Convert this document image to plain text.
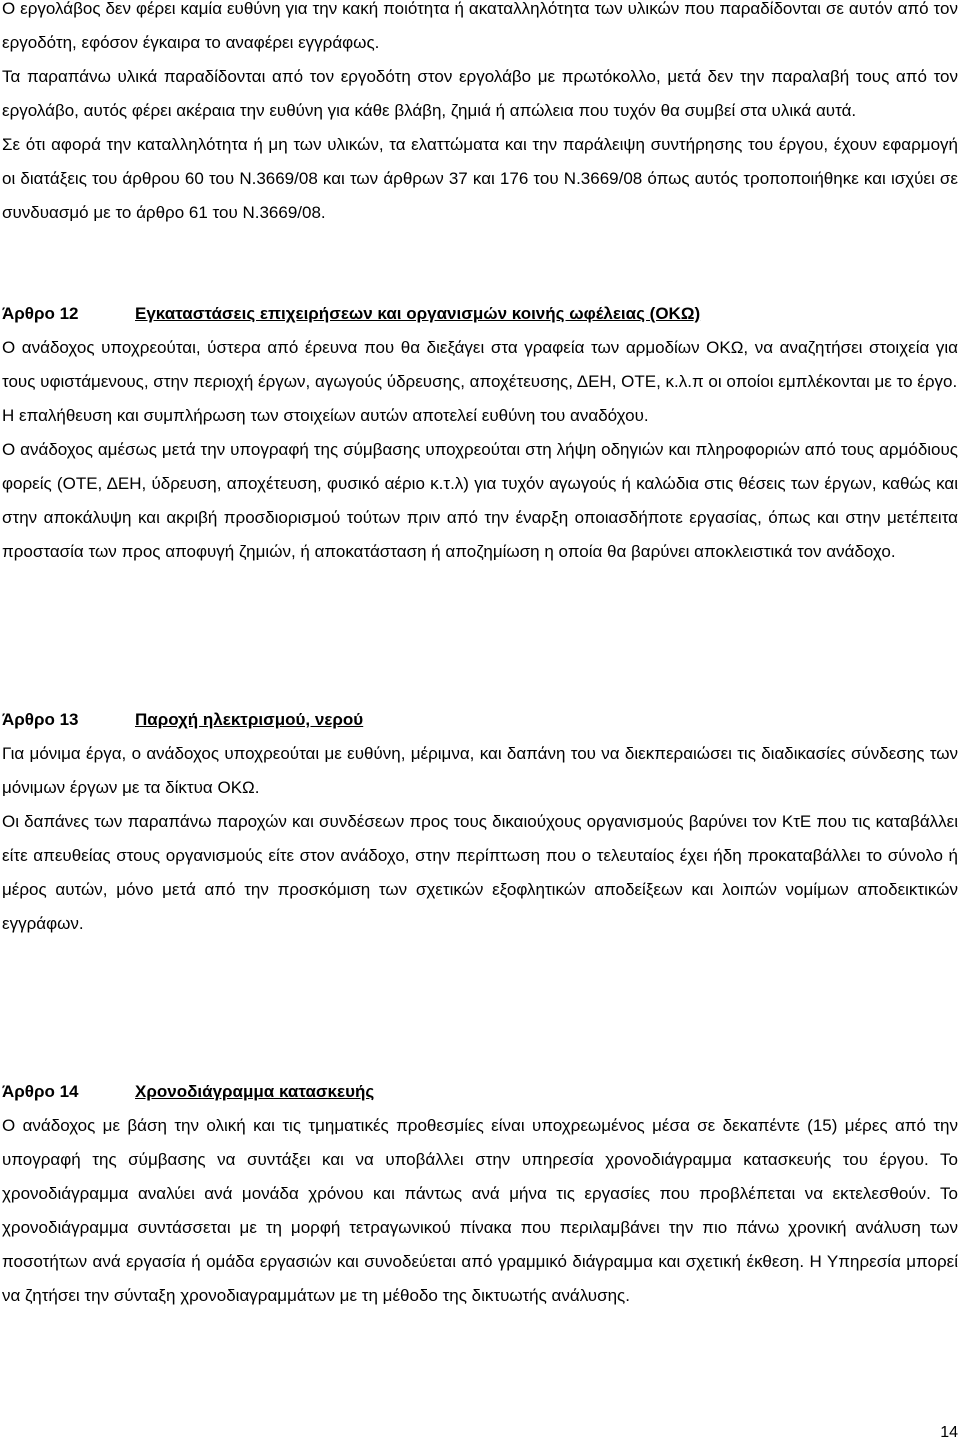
Ο εργολάβος δεν φέρει καμία ευθύνη για την κακή ποιότητα ή ακαταλληλότητα των υλικών που παραδίδονται σε αυτόν από τον εργοδότη, εφόσον έγκαιρα το αναφέρει εγγράφως.

Τα παραπάνω υλικά παραδίδονται από τον εργοδότη στον εργολάβο με πρωτόκολλο, μετά δεν την παραλαβή τους από τον εργολάβο, αυτός φέρει ακέραια την ευθύνη για κάθε βλάβη, ζημιά ή απώλεια που τυχόν θα συμβεί στα υλικά αυτά.

Σε ότι αφορά την καταλληλότητα ή μη των υλικών, τα ελαττώματα και την παράλειψη συντήρησης του έργου, έχουν εφαρμογή οι διατάξεις του άρθρου 60 του Ν.3669/08 και των άρθρων 37 και 176 του Ν.3669/08 όπως αυτός τροποποιήθηκε και ισχύει σε συνδυασμό με το άρθρο 61 του Ν.3669/08.

Άρθρο 12	Εγκαταστάσεις επιχειρήσεων και οργανισμών κοινής ωφέλειας (ΟΚΩ)

Ο ανάδοχος υποχρεούται, ύστερα από έρευνα που θα διεξάγει στα γραφεία των αρμοδίων ΟΚΩ, να αναζητήσει στοιχεία για τους υφιστάμενους, στην περιοχή έργων, αγωγούς ύδρευσης, αποχέτευσης, ΔΕΗ, ΟΤΕ, κ.λ.π οι οποίοι εμπλέκονται με το έργο.

Η επαλήθευση και συμπλήρωση των στοιχείων αυτών αποτελεί ευθύνη του αναδόχου.

Ο ανάδοχος αμέσως μετά την υπογραφή της σύμβασης υποχρεούται στη λήψη οδηγιών και πληροφοριών από τους αρμόδιους φορείς (ΟΤΕ, ΔΕΗ, ύδρευση, αποχέτευση, φυσικό αέριο κ.τ.λ) για τυχόν αγωγούς ή καλώδια στις θέσεις των έργων, καθώς και στην αποκάλυψη και ακριβή προσδιορισμού τούτων πριν από την έναρξη οποιασδήποτε εργασίας, όπως και στην μετέπειτα προστασία των προς αποφυγή ζημιών, ή αποκατάσταση ή αποζημίωση η οποία θα βαρύνει αποκλειστικά τον ανάδοχο.

Άρθρο 13	Παροχή ηλεκτρισμού, νερού

Για μόνιμα έργα, ο ανάδοχος υποχρεούται με ευθύνη, μέριμνα, και δαπάνη του να διεκπεραιώσει τις διαδικασίες σύνδεσης των μόνιμων έργων με τα δίκτυα ΟΚΩ.

Οι δαπάνες των παραπάνω παροχών και συνδέσεων προς τους δικαιούχους οργανισμούς βαρύνει τον ΚτΕ που τις καταβάλλει είτε απευθείας στους οργανισμούς είτε στον ανάδοχο, στην περίπτωση που ο τελευταίος έχει ήδη προκαταβάλλει το σύνολο ή μέρος αυτών, μόνο μετά από την προσκόμιση των σχετικών εξοφλητικών αποδείξεων και λοιπών νομίμων αποδεικτικών εγγράφων.

Άρθρο 14	Χρονοδιάγραμμα κατασκευής

Ο ανάδοχος με βάση την ολική και τις τμηματικές προθεσμίες είναι υποχρεωμένος μέσα σε δεκαπέντε (15) μέρες από την υπογραφή της σύμβασης να συντάξει και να υποβάλλει στην υπηρεσία χρονοδιάγραμμα κατασκευής του έργου. Το χρονοδιάγραμμα αναλύει ανά μονάδα χρόνου και πάντως ανά μήνα τις εργασίες που προβλέπεται να εκτελεσθούν. Το χρονοδιάγραμμα συντάσσεται με τη μορφή τετραγωνικού πίνακα που περιλαμβάνει την πιο πάνω χρονική ανάλυση των ποσοτήτων ανά εργασία ή ομάδα εργασιών και συνοδεύεται από γραμμικό διάγραμμα και σχετική έκθεση. Η Υπηρεσία μπορεί να ζητήσει την σύνταξη χρονοδιαγραμμάτων με τη μέθοδο της δικτυωτής ανάλυσης.

14
